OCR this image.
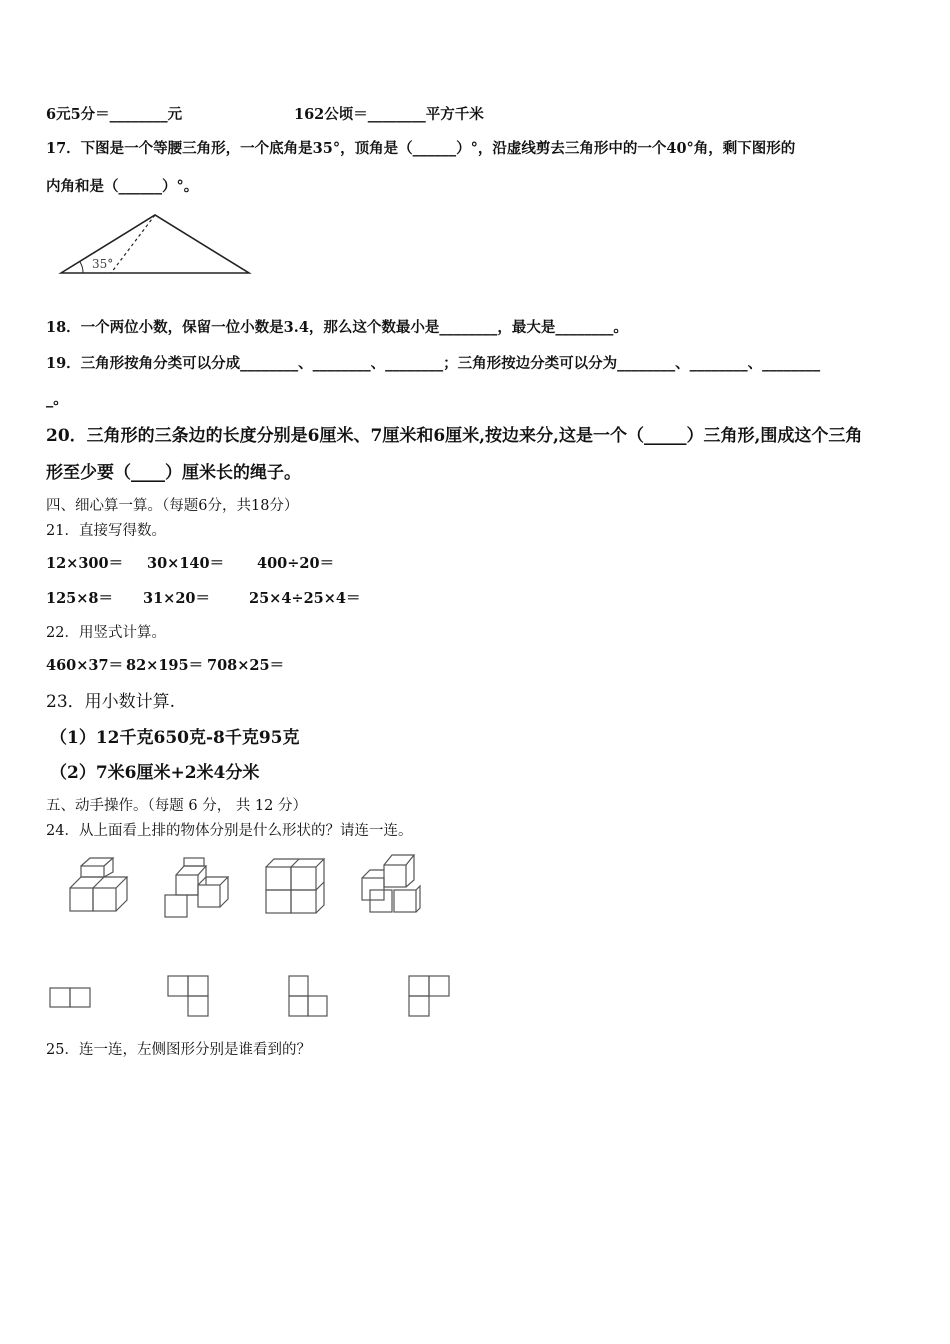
6元5分＝________元	162公顷＝________平方千米
17．下图是一个等腰三角形，一个底角是35°，顶角是（______）°，沿虚线剪去三角形中的一个40°角，剩下图形的
内角和是（______）°。
35°
18．一个两位小数，保留一位小数是3.4，那么这个数最小是________，最大是________。
19．三角形按角分类可以分成________、________、________；三角形按边分类可以分为________、________、________
_。
20．三角形的三条边的长度分别是6厘米、7厘米和6厘米,按边来分,这是一个（_____）三角形,围成这个三角
形至少要（____）厘米长的绳子。
四、细心算一算。（每题6分，共18分）
21．直接写得数。
12×300＝ 30×140＝ 400÷20＝
125×8＝ 31×20＝	25×4÷25×4＝
22．用竖式计算。
460×37＝ 82×195＝ 708×25＝
23．用小数计算.
（1）12千克650克-8千克95克
（2）7米6厘米+2米4分米
五、动手操作。（每题 6 分， 共 12 分）
24．从上面看上排的物体分别是什么形状的？请连一连。
25．连一连，左侧图形分别是谁看到的？
